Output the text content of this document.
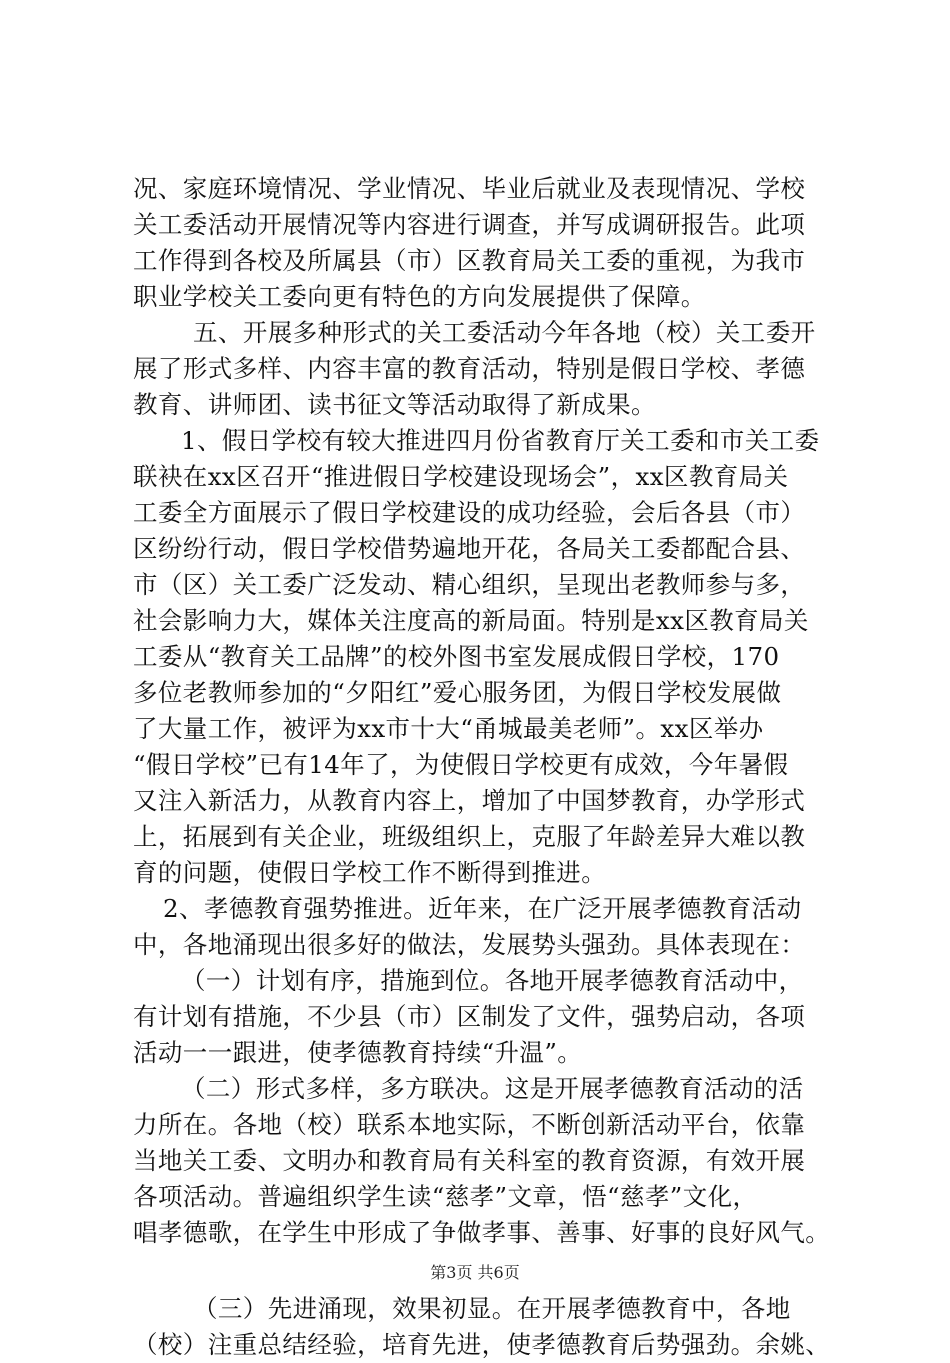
况、家庭环境情况、学业情况、毕业后就业及表现情况、学校
关工委活动开展情况等内容进行调查，并写成调研报告。此项
工作得到各校及所属县（市）区教育局关工委的重视，为我市
职业学校关工委向更有特色的方向发展提供了保障。
五、开展多种形式的关工委活动今年各地（校）关工委开
展了形式多样、内容丰富的教育活动，特别是假日学校、孝德
教育、讲师团、读书征文等活动取得了新成果。
1、假日学校有较大推进四月份省教育厅关工委和市关工委
联袂在xx区召开“推进假日学校建设现场会”，xx区教育局关
工委全方面展示了假日学校建设的成功经验，会后各县（市）
区纷纷行动，假日学校借势遍地开花，各局关工委都配合县、
市（区）关工委广泛发动、精心组织，呈现出老教师参与多，
社会影响力大，媒体关注度高的新局面。特别是xx区教育局关
工委从“教育关工品牌”的校外图书室发展成假日学校，170
多位老教师参加的“夕阳红”爱心服务团，为假日学校发展做
了大量工作，被评为xx市十大“甬城最美老师”。xx区举办
“假日学校”已有14年了，为使假日学校更有成效，今年暑假
又注入新活力，从教育内容上，增加了中国梦教育，办学形式
上，拓展到有关企业，班级组织上，克服了年龄差异大难以教
育的问题，使假日学校工作不断得到推进。
2、孝德教育强势推进。近年来，在广泛开展孝德教育活动
中，各地涌现出很多好的做法，发展势头强劲。具体表现在：
（一）计划有序，措施到位。各地开展孝德教育活动中，
有计划有措施，不少县（市）区制发了文件，强势启动，各项
活动一一跟进，使孝德教育持续“升温”。
（二）形式多样，多方联决。这是开展孝德教育活动的活
力所在。各地（校）联系本地实际，不断创新活动平台，依靠
当地关工委、文明办和教育局有关科室的教育资源，有效开展
各项活动。普遍组织学生读“慈孝”文章，悟“慈孝”文化，
唱孝德歌，在学生中形成了争做孝事、善事、好事的良好风气。
（三）先进涌现，效果初显。在开展孝德教育中，各地
（校）注重总结经验，培育先进，使孝德教育后势强劲。余姚、
第3页 共6页
